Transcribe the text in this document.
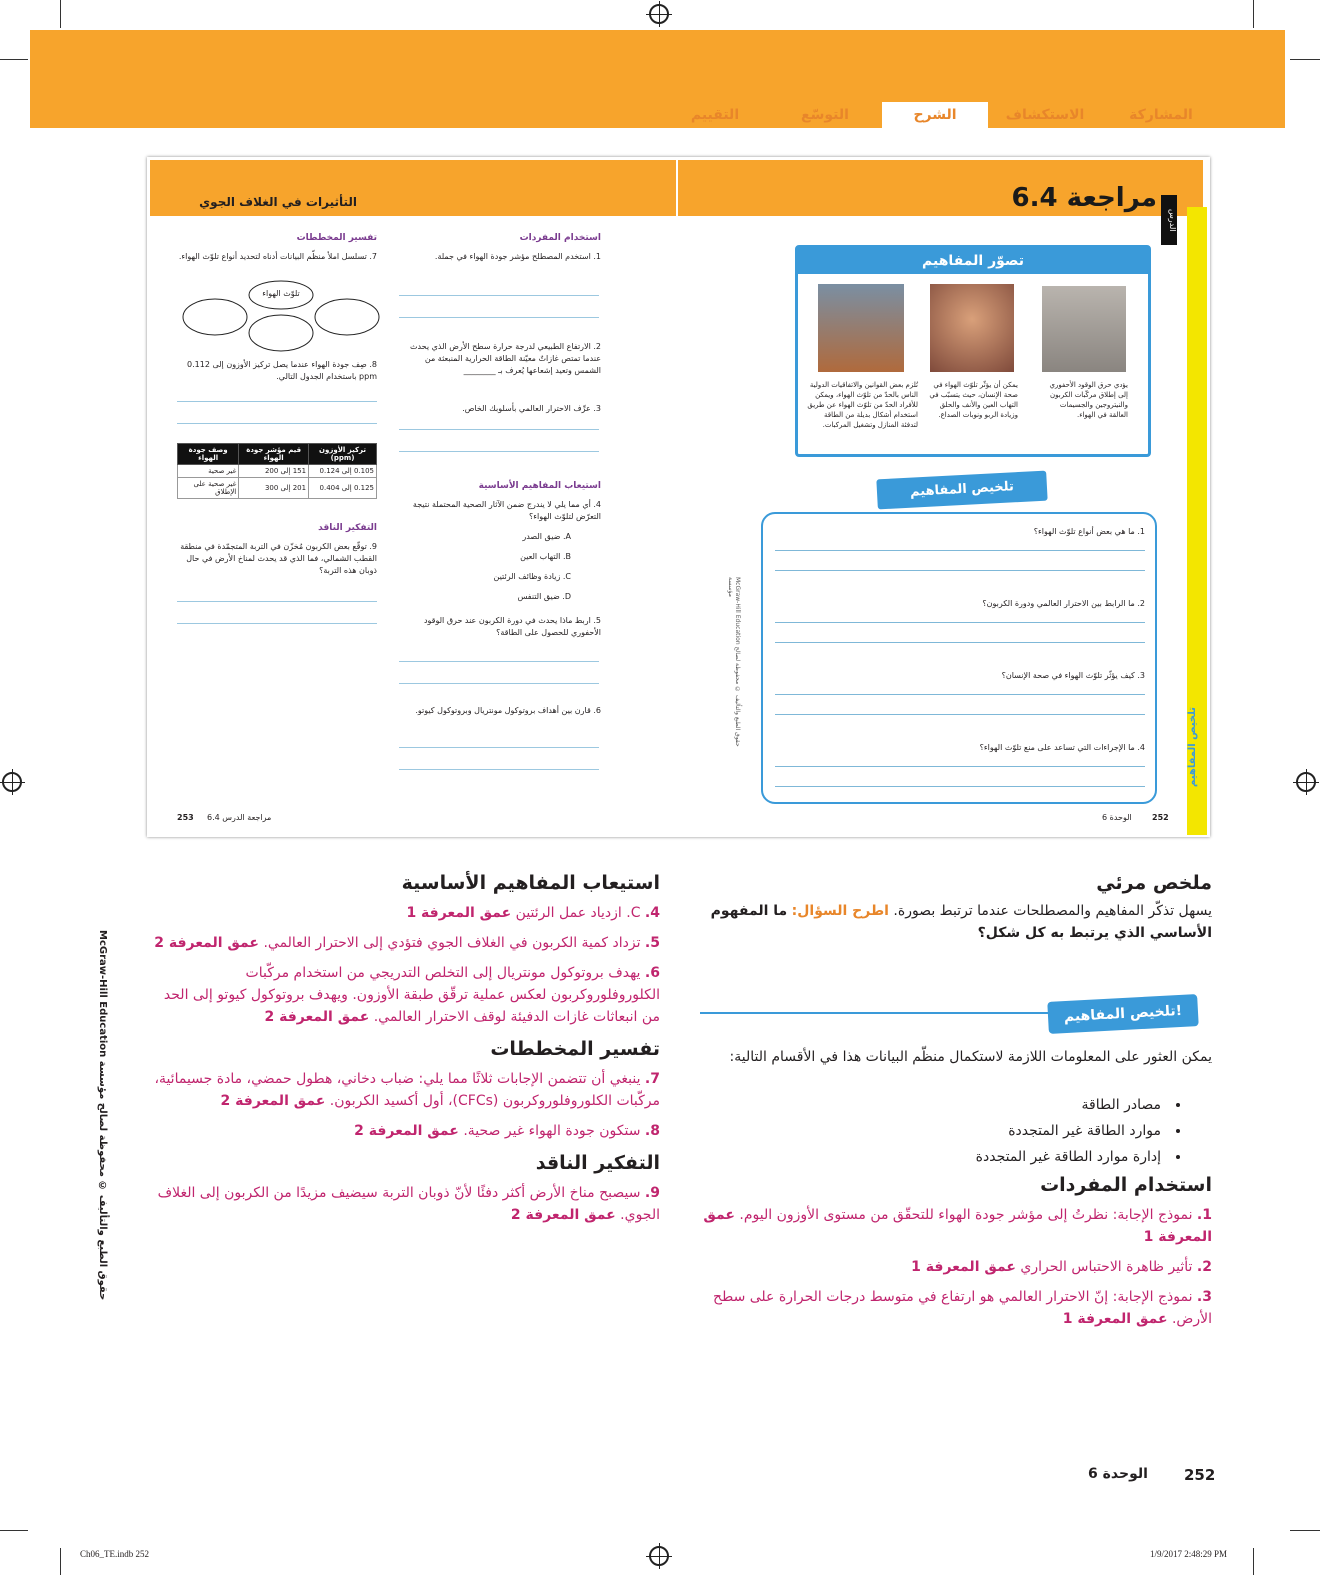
المشاركة
الاستكشاف
الشرح
التوسّع
التقييم
الدرس
6.4 مراجعة
تلخيص المفاهيم
تصوّر المفاهيم
يؤدي حرق الوقود الأحفوري إلى إطلاق مركّبات الكربون والنيتروجين والجسيمات العالقة في الهواء.
يمكن أن يؤثّر تلوّث الهواء في صحة الإنسان، حيث يتسبّب في التهاب العين والأنف والحلق وزيادة الربو ونوبات الصداع.
تُلزم بعض القوانين والاتفاقيات الدولية الناس بالحدّ من تلوّث الهواء، ويمكن للأفراد الحدّ من تلوّث الهواء عن طريق استخدام أشكال بديلة من الطاقة لتدفئة المنازل وتشغيل المركبات.
تلخيص المفاهيم
1. ما هي بعض أنواع تلوّث الهواء؟
2. ما الرابط بين الاحترار العالمي ودورة الكربون؟
3. كيف يؤثّر تلوّث الهواء في صحة الإنسان؟
4. ما الإجراءات التي تساعد على منع تلوّث الهواء؟
252
الوحدة 6
McGraw-Hill Education حقوق الطبع والتأليف © محفوظة لصالح مؤسسة
التأثيرات في الغلاف الجوي
استخدام المفردات
1. استخدم المصطلح مؤشر جودة الهواء في جملة.
2. الارتفاع الطبيعي لدرجة حرارة سطح الأرض الذي يحدث عندما تمتص غازاتٌ معيّنة الطاقة الحرارية المنبعثة من الشمس وتعيد إشعاعها يُعرف بـ ________
3. عرِّف الاحترار العالمي بأسلوبك الخاص.
استيعاب المفاهيم الأساسية
4. أي مما يلي لا يندرج ضمن الآثار الصحية المحتملة نتيجة التعرّض لتلوّث الهواء؟
A. ضيق الصدر
B. التهاب العين
C. زيادة وظائف الرئتين
D. ضيق التنفس
5. اربط ماذا يحدث في دورة الكربون عند حرق الوقود الأحفوري للحصول على الطاقة؟
6. قارن بين أهداف بروتوكول مونتريال وبروتوكول كيوتو.
تفسير المخططات
7. تسلسل املأ منظّم البيانات أدناه لتحديد أنواع تلوّث الهواء.
تلوّث الهواء
8. صِف جودة الهواء عندما يصل تركيز الأوزون إلى 0.112 ppm باستخدام الجدول التالي.
تركيز الأوزون (ppm)	قيم مؤشر جودة الهواء	وصف جودة الهواء
0.105 إلى 0.124	151 إلى 200	غير صحية
0.125 إلى 0.404	201 إلى 300	غير صحية على الإطلاق
التفكير الناقد
9. توقّع بعض الكربون مُخزّن في التربة المتجمّدة في منطقة القطب الشمالي، فما الذي قد يحدث لمناخ الأرض في حال ذوبان هذه التربة؟
253 مراجعة الدرس 6.4
ملخص مرئي
يسهل تذكّر المفاهيم والمصطلحات عندما ترتبط بصورة. اطرح السؤال: ما المفهوم الأساسي الذي يرتبط به كل شكل؟
تلخيص المفاهيم!
يمكن العثور على المعلومات اللازمة لاستكمال منظّم البيانات هذا في الأقسام التالية:
• مصادر الطاقة
• موارد الطاقة غير المتجددة
• إدارة موارد الطاقة غير المتجددة
استخدام المفردات
1. نموذج الإجابة: نظرتُ إلى مؤشر جودة الهواء للتحقّق من مستوى الأوزون اليوم. عمق المعرفة 1
2. تأثير ظاهرة الاحتباس الحراري عمق المعرفة 1
3. نموذج الإجابة: إنّ الاحترار العالمي هو ارتفاع في متوسط درجات الحرارة على سطح الأرض. عمق المعرفة 1
استيعاب المفاهيم الأساسية
4. C. ازدياد عمل الرئتين عمق المعرفة 1
5. تزداد كمية الكربون في الغلاف الجوي فتؤدي إلى الاحترار العالمي. عمق المعرفة 2
6. يهدف بروتوكول مونتريال إلى التخلص التدريجي من استخدام مركّبات الكلوروفلوروكربون لعكس عملية ترقّق طبقة الأوزون. ويهدف بروتوكول كيوتو إلى الحد من انبعاثات غازات الدفيئة لوقف الاحترار العالمي. عمق المعرفة 2
تفسير المخططات
7. ينبغي أن تتضمن الإجابات ثلاثًا مما يلي: ضباب دخاني، هطول حمضي، مادة جسيمائية، مركّبات الكلوروفلوروكربون (CFCs)، أول أكسيد الكربون. عمق المعرفة 2
8. ستكون جودة الهواء غير صحية. عمق المعرفة 2
التفكير الناقد
9. سيصبح مناخ الأرض أكثر دفئًا لأنّ ذوبان التربة سيضيف مزيدًا من الكربون إلى الغلاف الجوي. عمق المعرفة 2
McGraw-Hill Education حقوق الطبع والتأليف © محفوظة لصالح مؤسسة
252
الوحدة 6
Ch06_TE.indb 252	1/9/2017 2:48:29 PM
